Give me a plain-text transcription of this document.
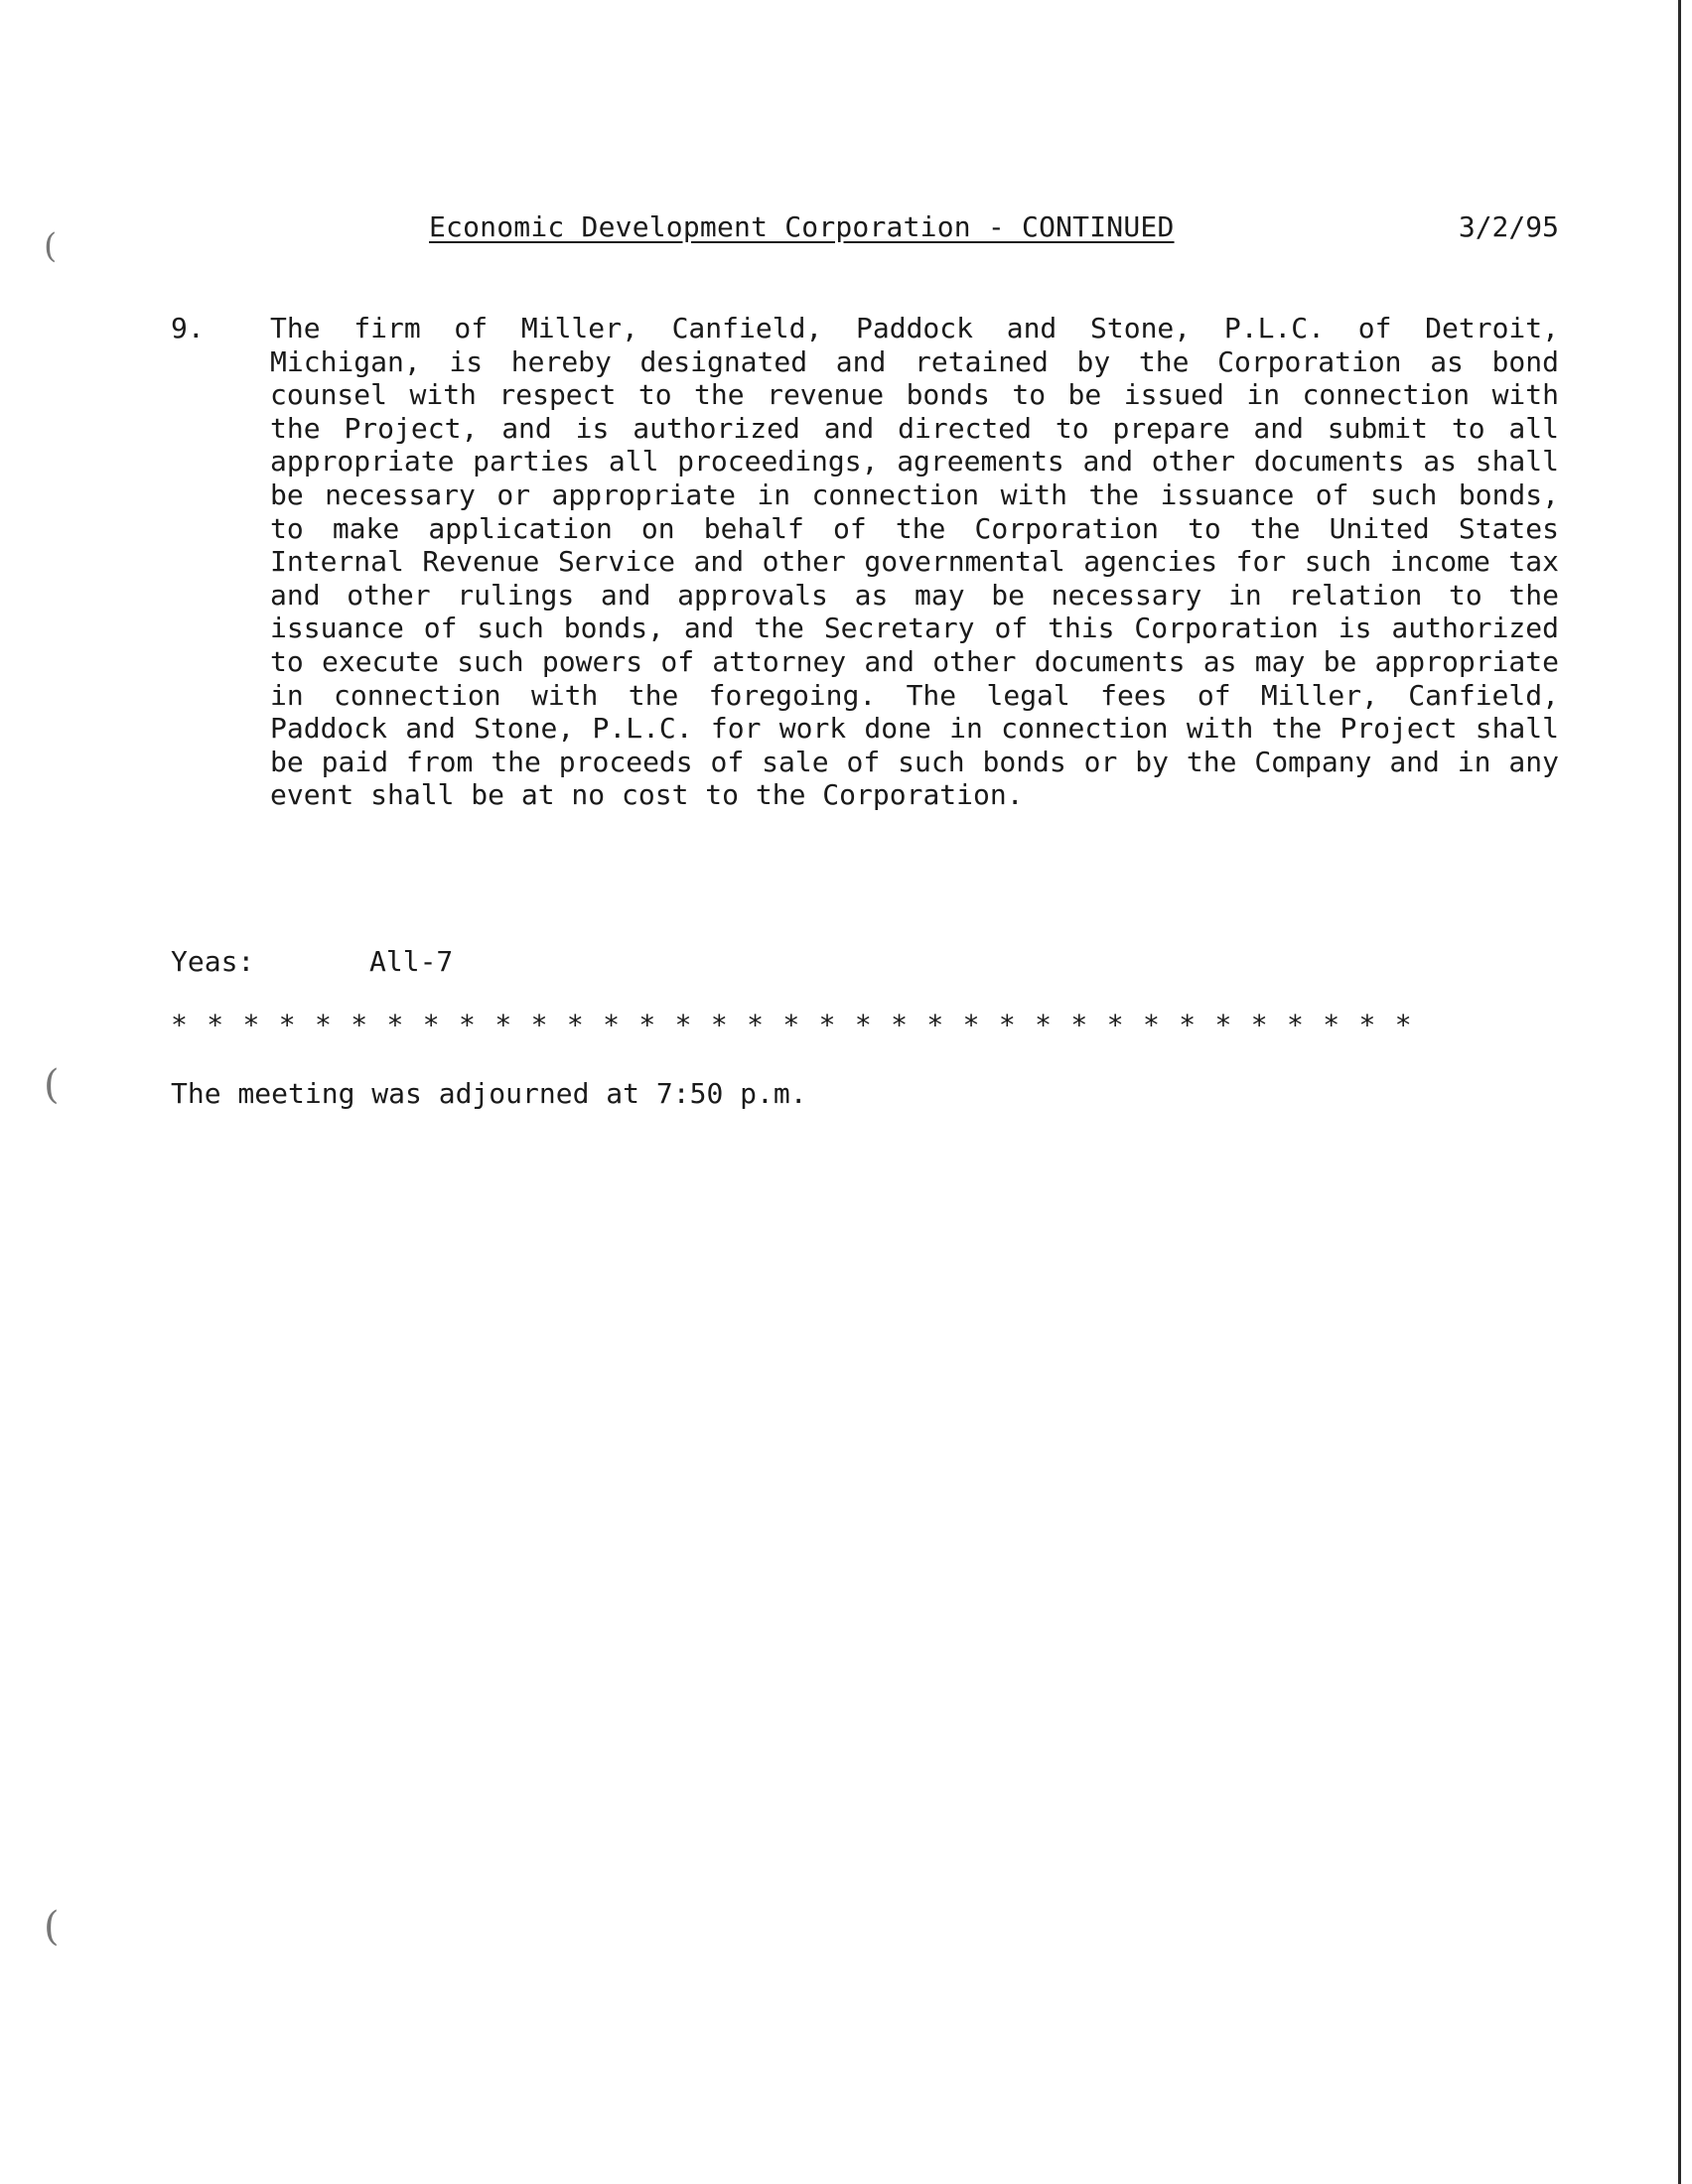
(
(
(
Economic Development Corporation - CONTINUED	3/2/95
9. The firm of Miller, Canfield, Paddock and Stone, P.L.C. of Detroit, Michigan, is hereby designated and retained by the Corporation as bond counsel with respect to the revenue bonds to be issued in connection with the Project, and is authorized and directed to prepare and submit to all appropriate parties all proceedings, agreements and other documents as shall be necessary or appropriate in connection with the issuance of such bonds, to make application on behalf of the Corporation to the United States Internal Revenue Service and other governmental agencies for such income tax and other rulings and approvals as may be necessary in relation to the issuance of such bonds, and the Secretary of this Corporation is authorized to execute such powers of attorney and other documents as may be appropriate in connection with the foregoing. The legal fees of Miller, Canfield, Paddock and Stone, P.L.C. for work done in connection with the Project shall be paid from the proceeds of sale of such bonds or by the Company and in any event shall be at no cost to the Corporation.
Yeas:	All-7
***********************************
The meeting was adjourned at 7:50 p.m.
